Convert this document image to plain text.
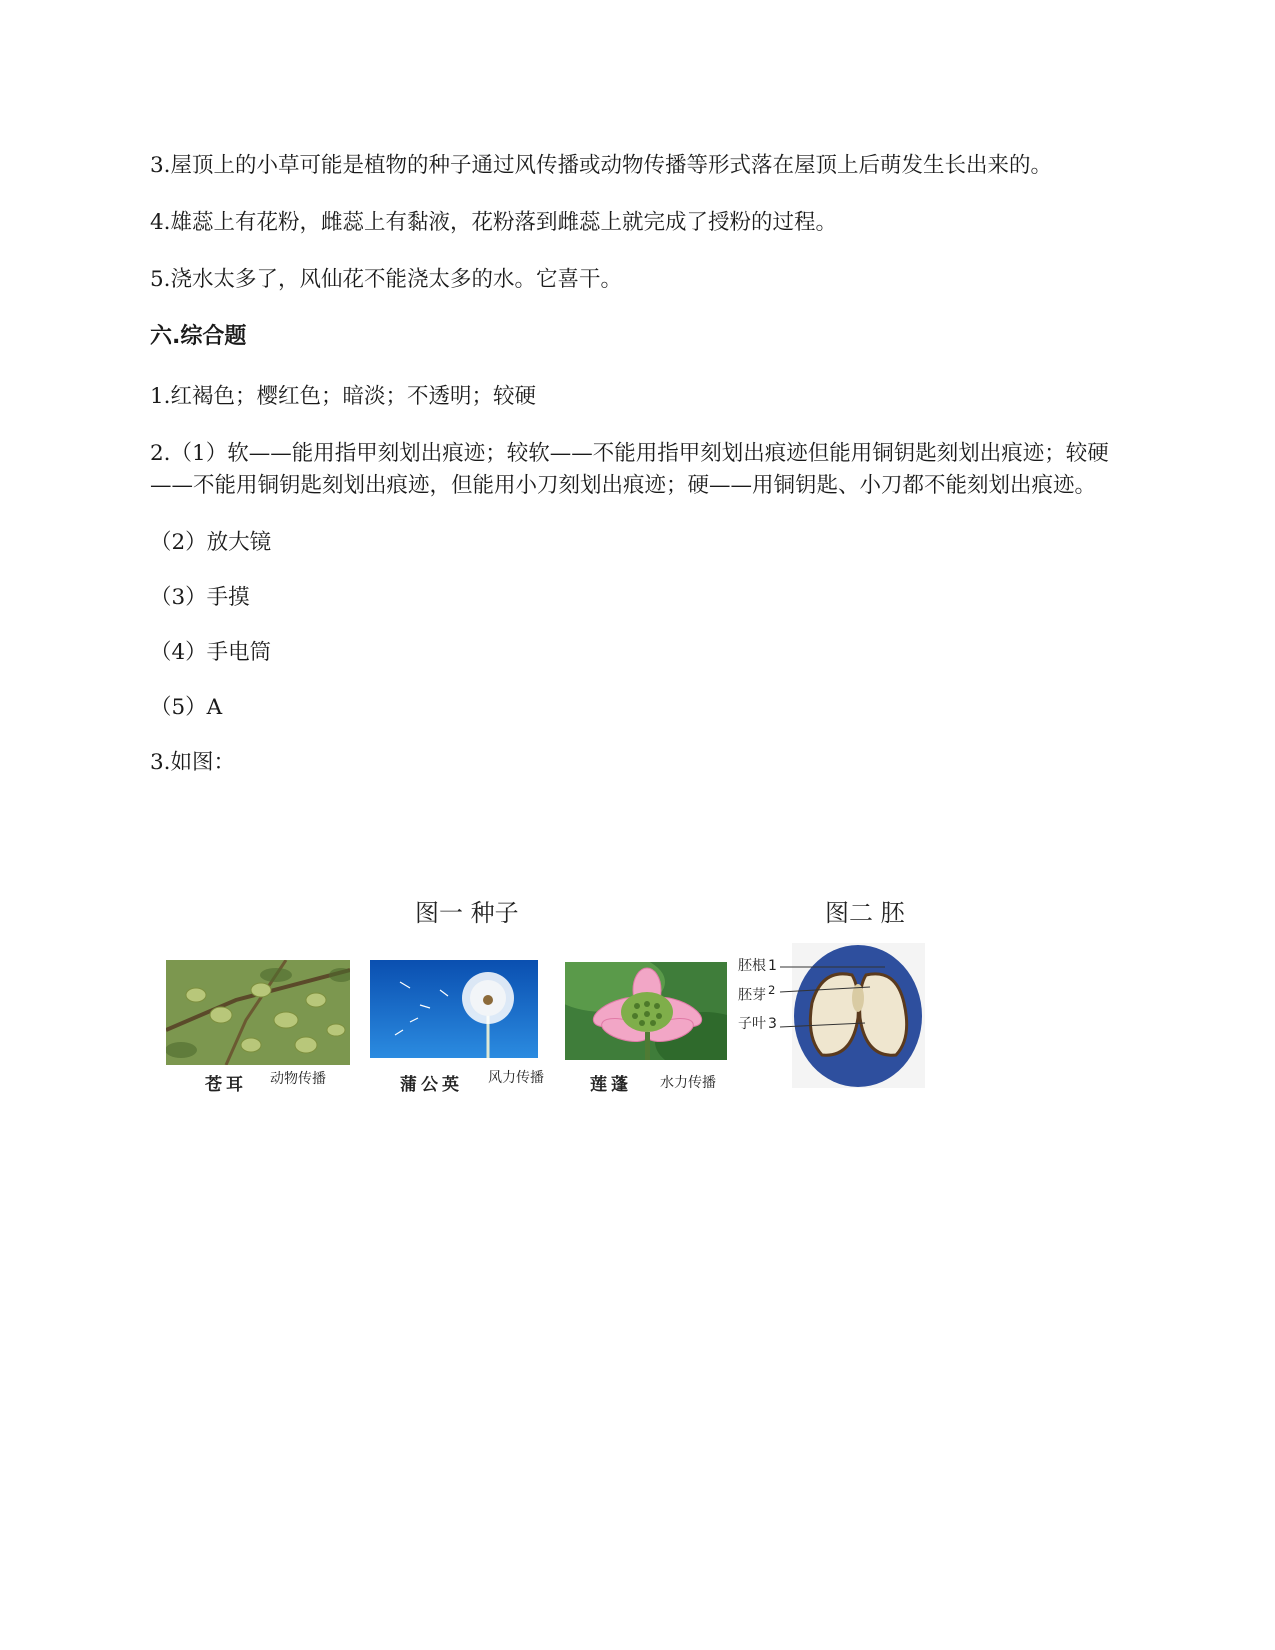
3.屋顶上的小草可能是植物的种子通过风传播或动物传播等形式落在屋顶上后萌发生长出来的。

4.雄蕊上有花粉，雌蕊上有黏液，花粉落到雌蕊上就完成了授粉的过程。

5.浇水太多了，风仙花不能浇太多的水。它喜干。

六.综合题

1.红褐色；樱红色；暗淡；不透明；较硬

2.（1）软——能用指甲刻划出痕迹；较软——不能用指甲刻划出痕迹但能用铜钥匙刻划出痕迹；较硬——不能用铜钥匙刻划出痕迹，但能用小刀刻划出痕迹；硬——用铜钥匙、小刀都不能刻划出痕迹。

（2）放大镜

（3）手摸

（4）手电筒

（5）A

3.如图：

图一 种子	图二 胚
苍耳 动物传播	蒲公英 风力传播	莲蓬 水力传播
胚根 1
胚芽 $^2$
子叶 3
